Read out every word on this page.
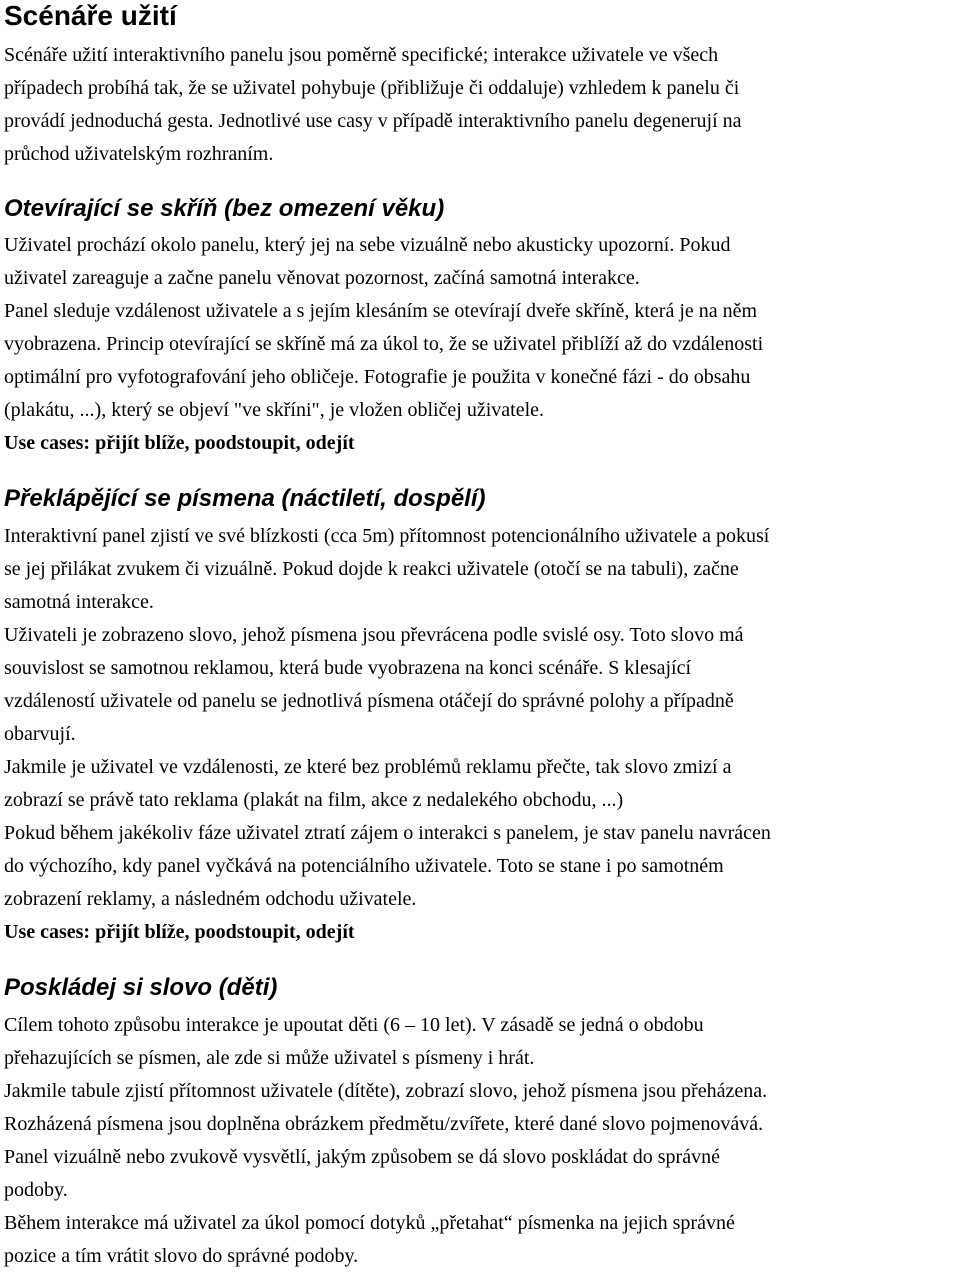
Scénáře užití

Scénáře užití interaktivního panelu jsou poměrně specifické; interakce uživatele ve všech

případech probíhá tak, že se uživatel pohybuje (přibližuje či oddaluje) vzhledem k panelu či

provádí jednoduchá gesta. Jednotlivé use casy v případě interaktivního panelu degenerují na

průchod uživatelským rozhraním.

Otevírající se skříň (bez omezení věku)

Uživatel prochází okolo panelu, který jej na sebe vizuálně nebo akusticky upozorní. Pokud

uživatel zareaguje a začne panelu věnovat pozornost, začíná samotná interakce.

Panel sleduje vzdálenost uživatele a s jejím klesáním se otevírají dveře skříně, která je na něm

vyobrazena. Princip otevírající se skříně má za úkol to, že se uživatel přiblíží až do vzdálenosti

optimální pro vyfotografování jeho obličeje. Fotografie je použita v konečné fázi - do obsahu

(plakátu, ...), který se objeví "ve skříni", je vložen obličej uživatele.

Use cases: přijít blíže, poodstoupit, odejít

Překlápějící se písmena (náctiletí, dospělí)

Interaktivní panel zjistí ve své blízkosti (cca 5m) přítomnost potencionálního uživatele a pokusí

se jej přilákat zvukem či vizuálně. Pokud dojde k reakci uživatele (otočí se na tabuli), začne

samotná interakce.

Uživateli je zobrazeno slovo, jehož písmena jsou převrácena podle svislé osy. Toto slovo má

souvislost se samotnou reklamou, která bude vyobrazena na konci scénáře. S klesající

vzdáleností uživatele od panelu se jednotlivá písmena otáčejí do správné polohy a případně

obarvují.

Jakmile je uživatel ve vzdálenosti, ze které bez problémů reklamu přečte, tak slovo zmizí a

zobrazí se právě tato reklama (plakát na film, akce z nedalekého obchodu, ...)

Pokud během jakékoliv fáze uživatel ztratí zájem o interakci s panelem, je stav panelu navrácen

do výchozího, kdy panel vyčkává na potenciálního uživatele. Toto se stane i po samotném

zobrazení reklamy, a následném odchodu uživatele.

Use cases: přijít blíže, poodstoupit, odejít

Poskládej si slovo (děti)

Cílem tohoto způsobu interakce je upoutat děti (6 – 10 let). V zásadě se jedná o obdobu

přehazujících se písmen, ale zde si může uživatel s písmeny i hrát.

Jakmile tabule zjistí přítomnost uživatele (dítěte), zobrazí slovo, jehož písmena jsou přeházena.

Rozházená písmena jsou doplněna obrázkem předmětu/zvířete, které dané slovo pojmenovává.

Panel vizuálně nebo zvukově vysvětlí, jakým způsobem se dá slovo poskládat do správné

podoby.

Během interakce má uživatel za úkol pomocí dotyků „přetahat“ písmenka na jejich správné

pozice a tím vrátit slovo do správné podoby.
